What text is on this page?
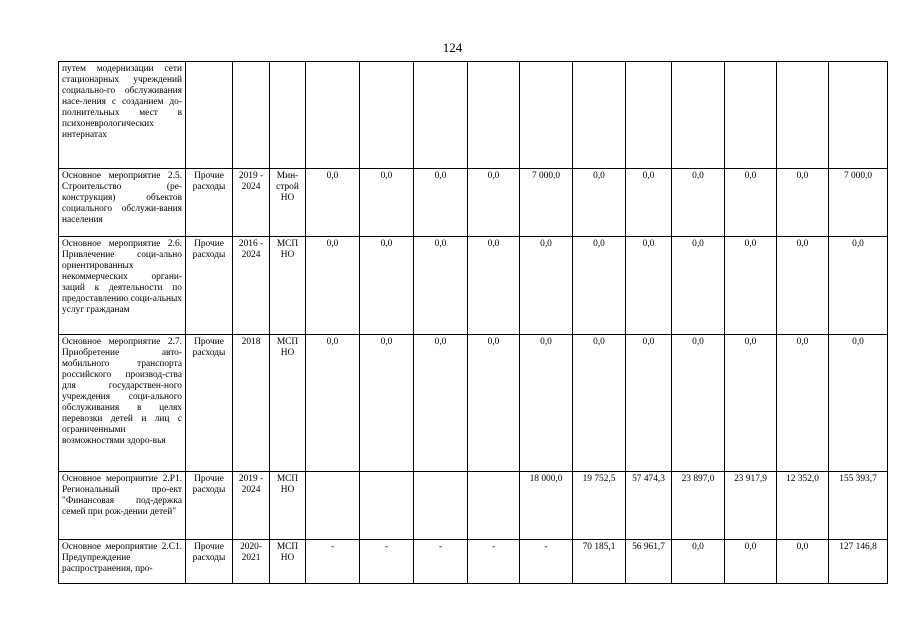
124
путем модернизации сети стационарных учреждений социально-го обслуживания насе-ления с созданием до-полнительных мест в психоневрологических интернатах														
Основное мероприятие 2.5. Строительство (ре-конструкция) объектов социального обслужи-вания населения	Прочие расходы	2019 - 2024	Мин-строй НО	0,0	0,0	0,0	0,0	7 000,0	0,0	0,0	0,0	0,0	0,0	7 000,0
Основное мероприятие 2.6. Привлечение соци-ально ориентированных некоммерческих органи-заций к деятельности по предоставлению соци-альных услуг гражданам	Прочие расходы	2016 - 2024	МСП НО	0,0	0,0	0,0	0,0	0,0	0,0	0,0	0,0	0,0	0,0	0,0
Основное мероприятие 2.7. Приобретение авто-мобильного транспорта российского производ-ства для государствен-ного учреждения соци-ального обслуживания в целях перевозки детей и лиц с ограниченными возможностями здоро-вья	Прочие расходы	2018	МСП НО	0,0	0,0	0,0	0,0	0,0	0,0	0,0	0,0	0,0	0,0	0,0
Основное мероприятие 2.Р1. Региональный про-ект "Финансовая под-держка семей при рож-дении детей"	Прочие расходы	2019 - 2024	МСП НО					18 000,0	19 752,5	57 474,3	23 897,0	23 917,9	12 352,0	155 393,7
Основное мероприятие 2.С1. Предупреждение распространения, про-	Прочие расходы	2020-2021	МСП НО	-	-	-	-	-	70 185,1	56 961,7	0,0	0,0	0,0	127 146,8
